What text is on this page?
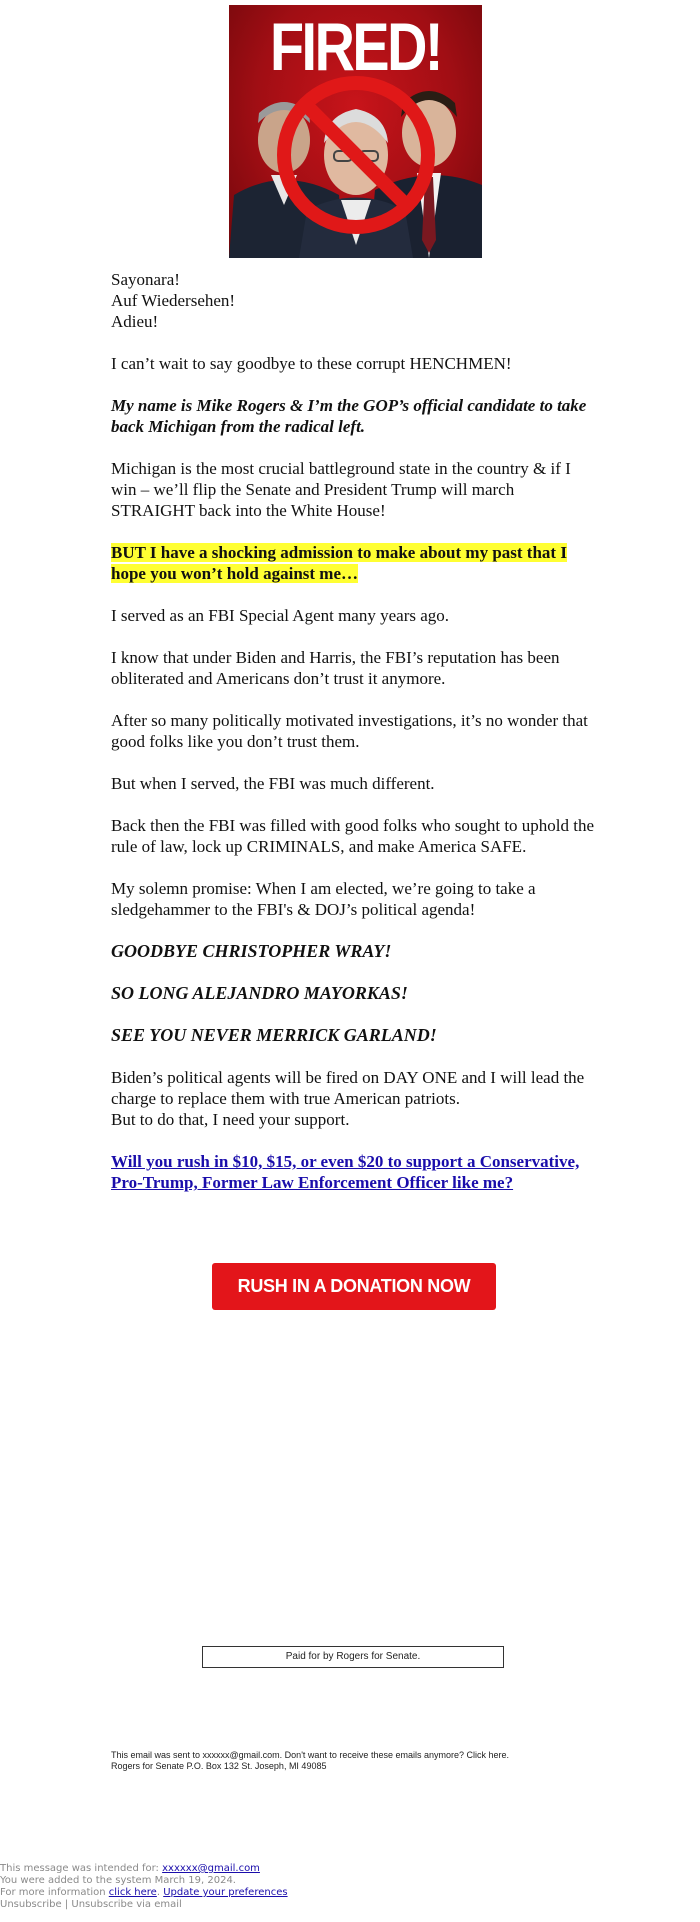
FIRED!

Sayonara!
Auf Wiedersehen!
Adieu!

I can’t wait to say goodbye to these corrupt HENCHMEN!

My name is Mike Rogers & I’m the GOP’s official candidate to take back Michigan from the radical left.

Michigan is the most crucial battleground state in the country & if I win – we’ll flip the Senate and President Trump will march STRAIGHT back into the White House!

BUT I have a shocking admission to make about my past that I hope you won’t hold against me…

I served as an FBI Special Agent many years ago.

I know that under Biden and Harris, the FBI’s reputation has been obliterated and Americans don’t trust it anymore.

After so many politically motivated investigations, it’s no wonder that good folks like you don’t trust them.

But when I served, the FBI was much different.

Back then the FBI was filled with good folks who sought to uphold the rule of law, lock up CRIMINALS, and make America SAFE.

My solemn promise: When I am elected, we’re going to take a sledgehammer to the FBI's & DOJ’s political agenda!

GOODBYE CHRISTOPHER WRAY!

SO LONG ALEJANDRO MAYORKAS!

SEE YOU NEVER MERRICK GARLAND!

Biden’s political agents will be fired on DAY ONE and I will lead the charge to replace them with true American patriots.
But to do that, I need your support.

Will you rush in $10, $15, or even $20 to support a Conservative, Pro-Trump, Former Law Enforcement Officer like me?

RUSH IN A DONATION NOW
Paid for by Rogers for Senate.
This email was sent to xxxxxx@gmail.com. Don't want to receive these emails anymore? Click here.
Rogers for Senate P.O. Box 132 St. Joseph, MI 49085
This message was intended for: xxxxxx@gmail.com
You were added to the system March 19, 2024.
For more information click here. Update your preferences
Unsubscribe | Unsubscribe via email
